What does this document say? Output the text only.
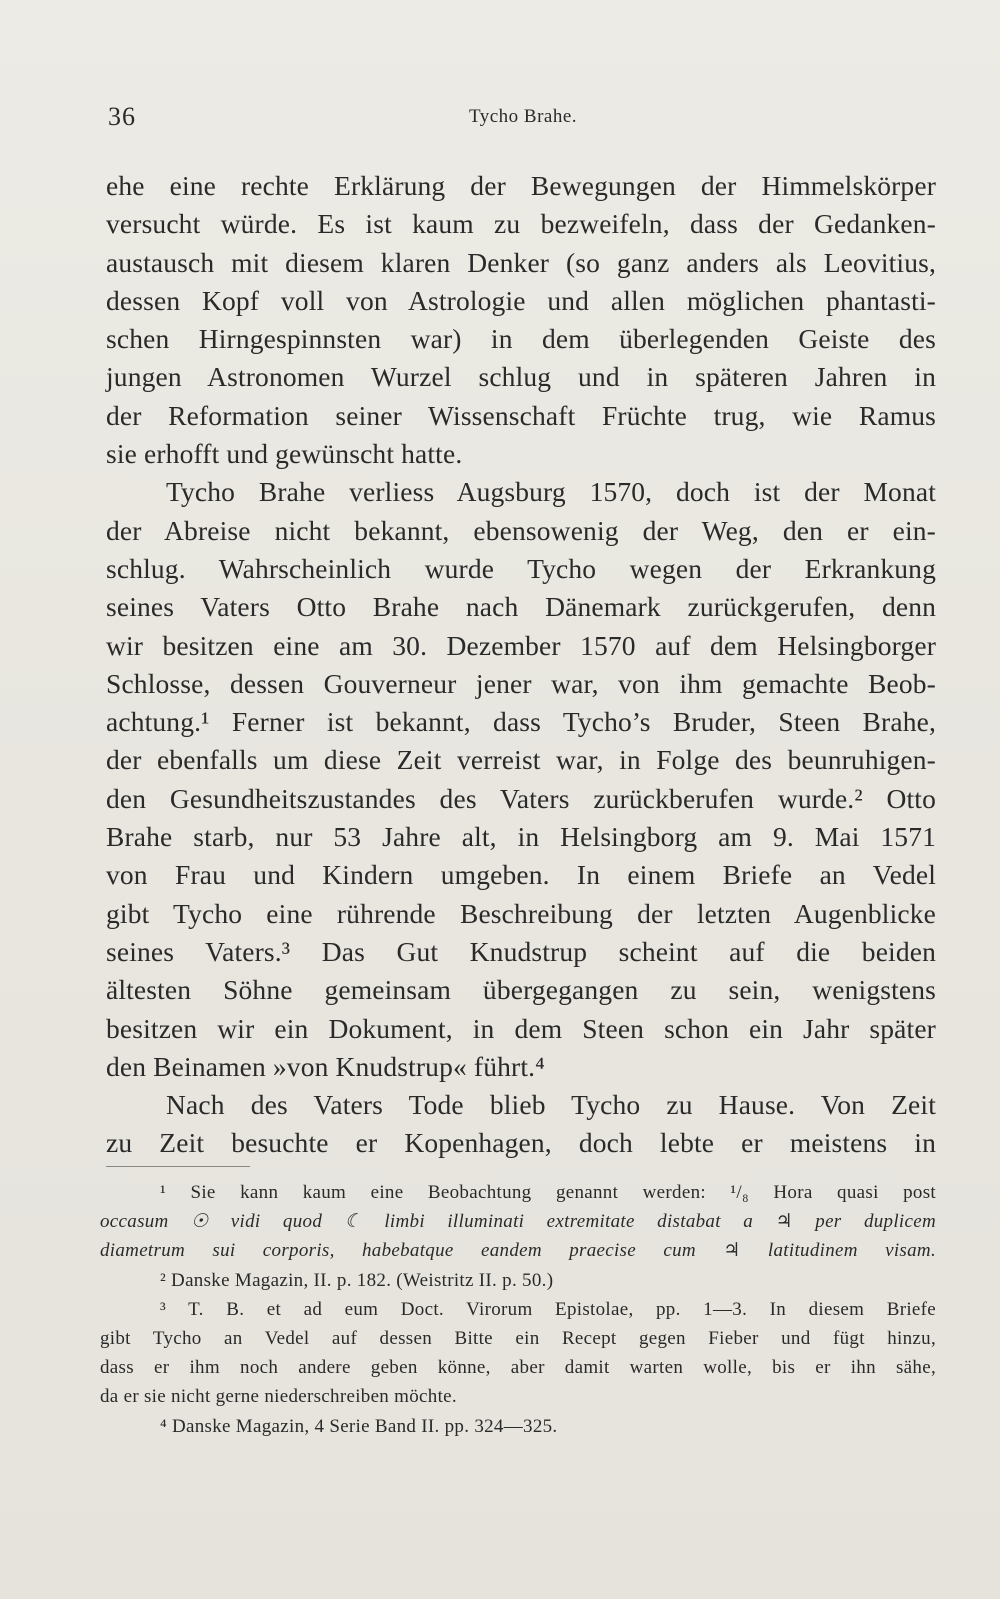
36	Tycho Brahe.
ehe eine rechte Erklärung der Bewegungen der Himmelskörper
versucht würde. Es ist kaum zu bezweifeln, dass der Gedanken-
austausch mit diesem klaren Denker (so ganz anders als Leovitius,
dessen Kopf voll von Astrologie und allen möglichen phantasti-
schen Hirngespinnsten war) in dem überlegenden Geiste des
jungen Astronomen Wurzel schlug und in späteren Jahren in
der Reformation seiner Wissenschaft Früchte trug, wie Ramus
sie erhofft und gewünscht hatte.
Tycho Brahe verliess Augsburg 1570, doch ist der Monat
der Abreise nicht bekannt, ebensowenig der Weg, den er ein-
schlug. Wahrscheinlich wurde Tycho wegen der Erkrankung
seines Vaters Otto Brahe nach Dänemark zurückgerufen, denn
wir besitzen eine am 30. Dezember 1570 auf dem Helsingborger
Schlosse, dessen Gouverneur jener war, von ihm gemachte Beob-
achtung.¹ Ferner ist bekannt, dass Tycho’s Bruder, Steen Brahe,
der ebenfalls um diese Zeit verreist war, in Folge des beunruhigen-
den Gesundheitszustandes des Vaters zurückberufen wurde.² Otto
Brahe starb, nur 53 Jahre alt, in Helsingborg am 9. Mai 1571
von Frau und Kindern umgeben. In einem Briefe an Vedel
gibt Tycho eine rührende Beschreibung der letzten Augenblicke
seines Vaters.³ Das Gut Knudstrup scheint auf die beiden
ältesten Söhne gemeinsam übergegangen zu sein, wenigstens
besitzen wir ein Dokument, in dem Steen schon ein Jahr später
den Beinamen »von Knudstrup« führt.⁴
Nach des Vaters Tode blieb Tycho zu Hause. Von Zeit
zu Zeit besuchte er Kopenhagen, doch lebte er meistens in
¹ Sie kann kaum eine Beobachtung genannt werden: ¹/₈ Hora quasi post
occasum ☉ vidi quod ☾ limbi illuminati extremitate distabat a ♃ per duplicem
diametrum sui corporis, habebatque eandem praecise cum ♃ latitudinem visam.
² Danske Magazin, II. p. 182. (Weistritz II. p. 50.)
³ T. B. et ad eum Doct. Virorum Epistolae, pp. 1—3. In diesem Briefe
gibt Tycho an Vedel auf dessen Bitte ein Recept gegen Fieber und fügt hinzu,
dass er ihm noch andere geben könne, aber damit warten wolle, bis er ihn sähe,
da er sie nicht gerne niederschreiben möchte.
⁴ Danske Magazin, 4 Serie Band II. pp. 324—325.
